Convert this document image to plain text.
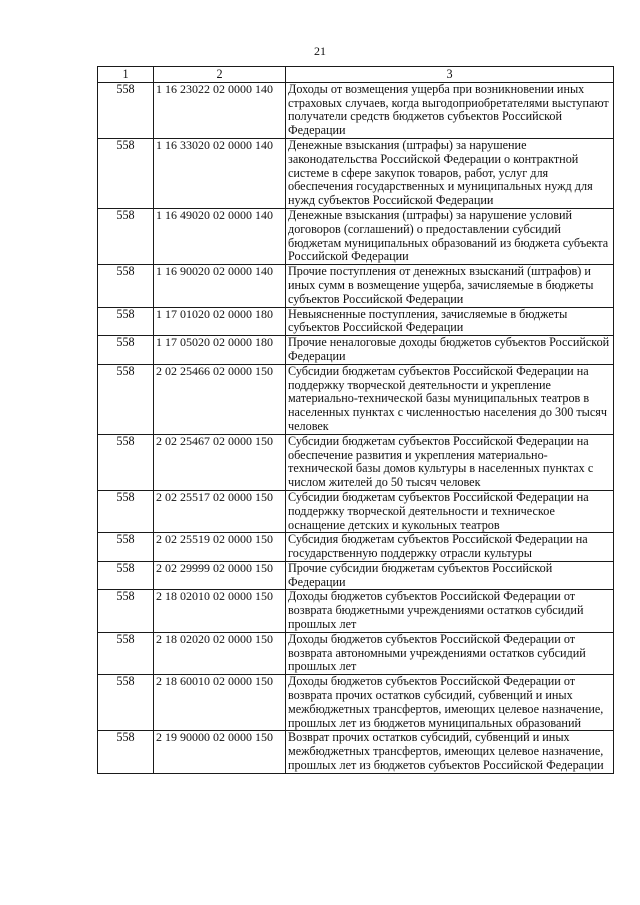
21
1	2	3
558	1 16 23022 02 0000 140	Доходы от возмещения ущерба при возникновении иных страховых случаев, когда выгодоприобретателями выступают получатели средств бюджетов субъектов Российской Федерации
558	1 16 33020 02 0000 140	Денежные взыскания (штрафы) за нарушение законодательства Российской Федерации о контрактной системе в сфере закупок товаров, работ, услуг для обеспечения государственных и муниципальных нужд для нужд субъектов Российской Федерации
558	1 16 49020 02 0000 140	Денежные взыскания (штрафы) за нарушение условий договоров (соглашений) о предоставлении субсидий бюджетам муниципальных образований из бюджета субъекта Российской Федерации
558	1 16 90020 02 0000 140	Прочие поступления от денежных взысканий (штрафов) и иных сумм в возмещение ущерба, зачисляемые в бюджеты субъектов Российской Федерации
558	1 17 01020 02 0000 180	Невыясненные поступления, зачисляемые в бюджеты субъектов Российской Федерации
558	1 17 05020 02 0000 180	Прочие неналоговые доходы бюджетов субъектов Российской Федерации
558	2 02 25466 02 0000 150	Субсидии бюджетам субъектов Российской Федерации на поддержку творческой деятельности и укрепление материально-технической базы муниципальных театров в населенных пунктах с численностью населения до 300 тысяч человек
558	2 02 25467 02 0000 150	Субсидии бюджетам субъектов Российской Федерации на обеспечение развития и укрепления материально-технической базы домов культуры в населенных пунктах с числом жителей до 50 тысяч человек
558	2 02 25517 02 0000 150	Субсидии бюджетам субъектов Российской Федерации на поддержку творческой деятельности и техническое оснащение детских и кукольных театров
558	2 02 25519 02 0000 150	Субсидия бюджетам субъектов Российской Федерации на государственную поддержку отрасли культуры
558	2 02 29999 02 0000 150	Прочие субсидии бюджетам субъектов Российской Федерации
558	2 18 02010 02 0000 150	Доходы бюджетов субъектов Российской Федерации от возврата бюджетными учреждениями остатков субсидий прошлых лет
558	2 18 02020 02 0000 150	Доходы бюджетов субъектов Российской Федерации от возврата автономными учреждениями остатков субсидий прошлых лет
558	2 18 60010 02 0000 150	Доходы бюджетов субъектов Российской Федерации от возврата прочих остатков субсидий, субвенций и иных межбюджетных трансфертов, имеющих целевое назначение, прошлых лет из бюджетов муниципальных образований
558	2 19 90000 02 0000 150	Возврат прочих остатков субсидий, субвенций и иных межбюджетных трансфертов, имеющих целевое назначение, прошлых лет из бюджетов субъектов Российской Федерации
